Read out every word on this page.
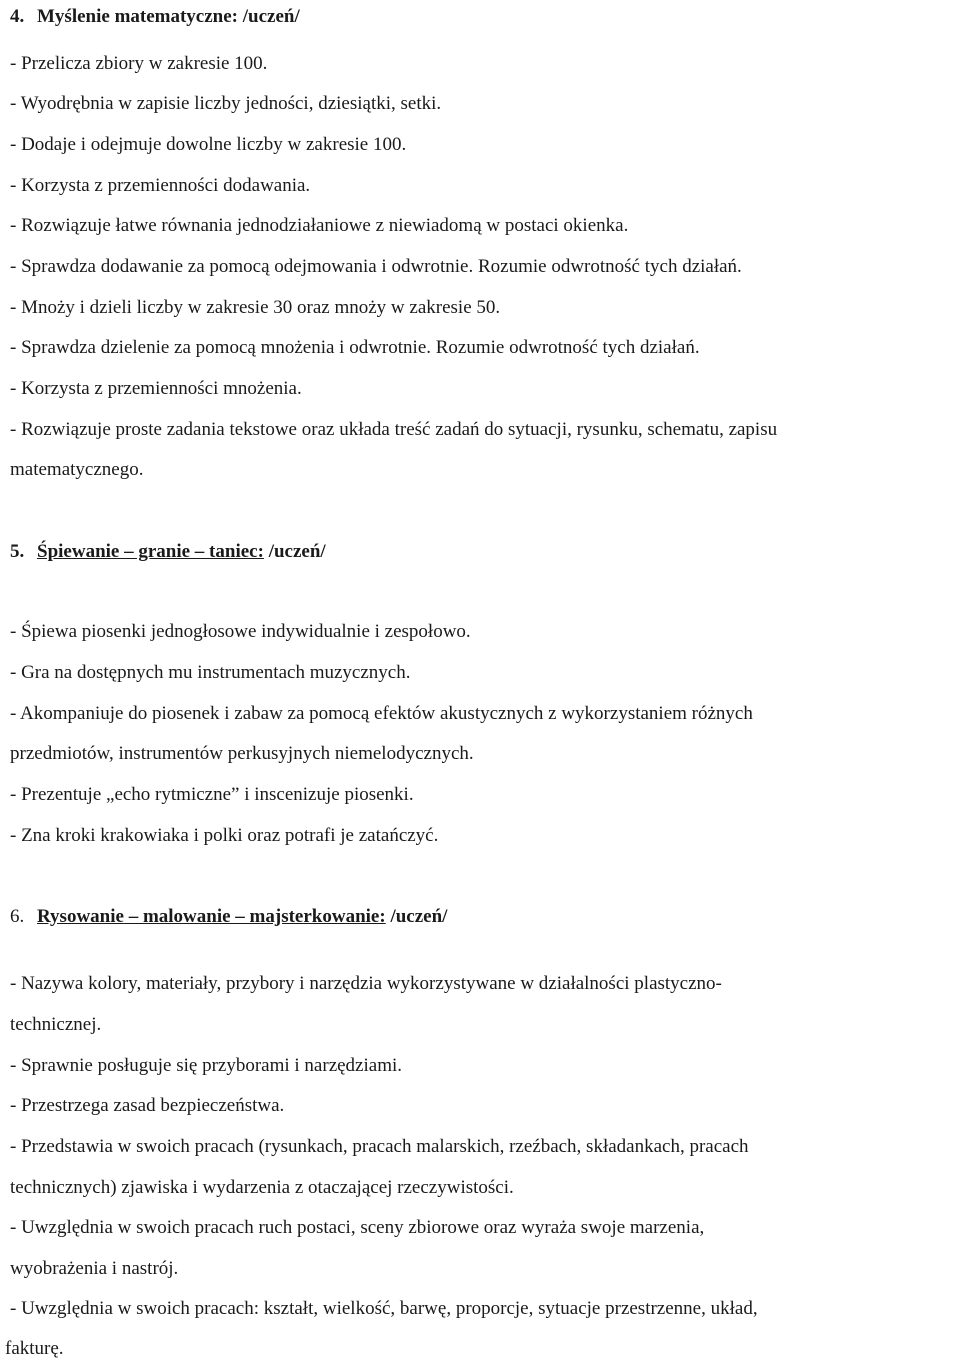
4. Myślenie matematyczne: /uczeń/
- Przelicza zbiory w zakresie 100.
- Wyodrębnia w zapisie liczby jedności, dziesiątki, setki.
- Dodaje i odejmuje dowolne liczby w zakresie 100.
- Korzysta z przemienności dodawania.
- Rozwiązuje łatwe równania jednodziałaniowe z niewiadomą w postaci okienka.
- Sprawdza dodawanie za pomocą odejmowania i odwrotnie. Rozumie odwrotność tych działań.
- Mnoży i dzieli liczby w zakresie 30 oraz mnoży w zakresie 50.
- Sprawdza dzielenie za pomocą mnożenia i odwrotnie. Rozumie odwrotność tych działań.
- Korzysta z przemienności mnożenia.
- Rozwiązuje proste zadania tekstowe oraz układa treść zadań do sytuacji, rysunku, schematu, zapisu
matematycznego.
5. Śpiewanie – granie – taniec: /uczeń/
- Śpiewa piosenki jednogłosowe indywidualnie i zespołowo.
- Gra na dostępnych mu instrumentach muzycznych.
- Akompaniuje do piosenek i zabaw za pomocą efektów akustycznych z wykorzystaniem różnych
przedmiotów, instrumentów perkusyjnych niemelodycznych.
- Prezentuje „echo rytmiczne” i inscenizuje piosenki.
- Zna kroki krakowiaka i polki oraz potrafi je zatańczyć.
6. Rysowanie – malowanie – majsterkowanie: /uczeń/
- Nazywa kolory, materiały, przybory i narzędzia wykorzystywane w działalności plastyczno-
technicznej.
- Sprawnie posługuje się przyborami i narzędziami.
- Przestrzega zasad bezpieczeństwa.
- Przedstawia w swoich pracach (rysunkach, pracach malarskich, rzeźbach, składankach, pracach
technicznych) zjawiska i wydarzenia z otaczającej rzeczywistości.
- Uwzględnia w swoich pracach ruch postaci, sceny zbiorowe oraz wyraża swoje marzenia,
wyobrażenia i nastrój.
- Uwzględnia w swoich pracach: kształt, wielkość, barwę, proporcje, sytuacje przestrzenne, układ,
fakturę.
